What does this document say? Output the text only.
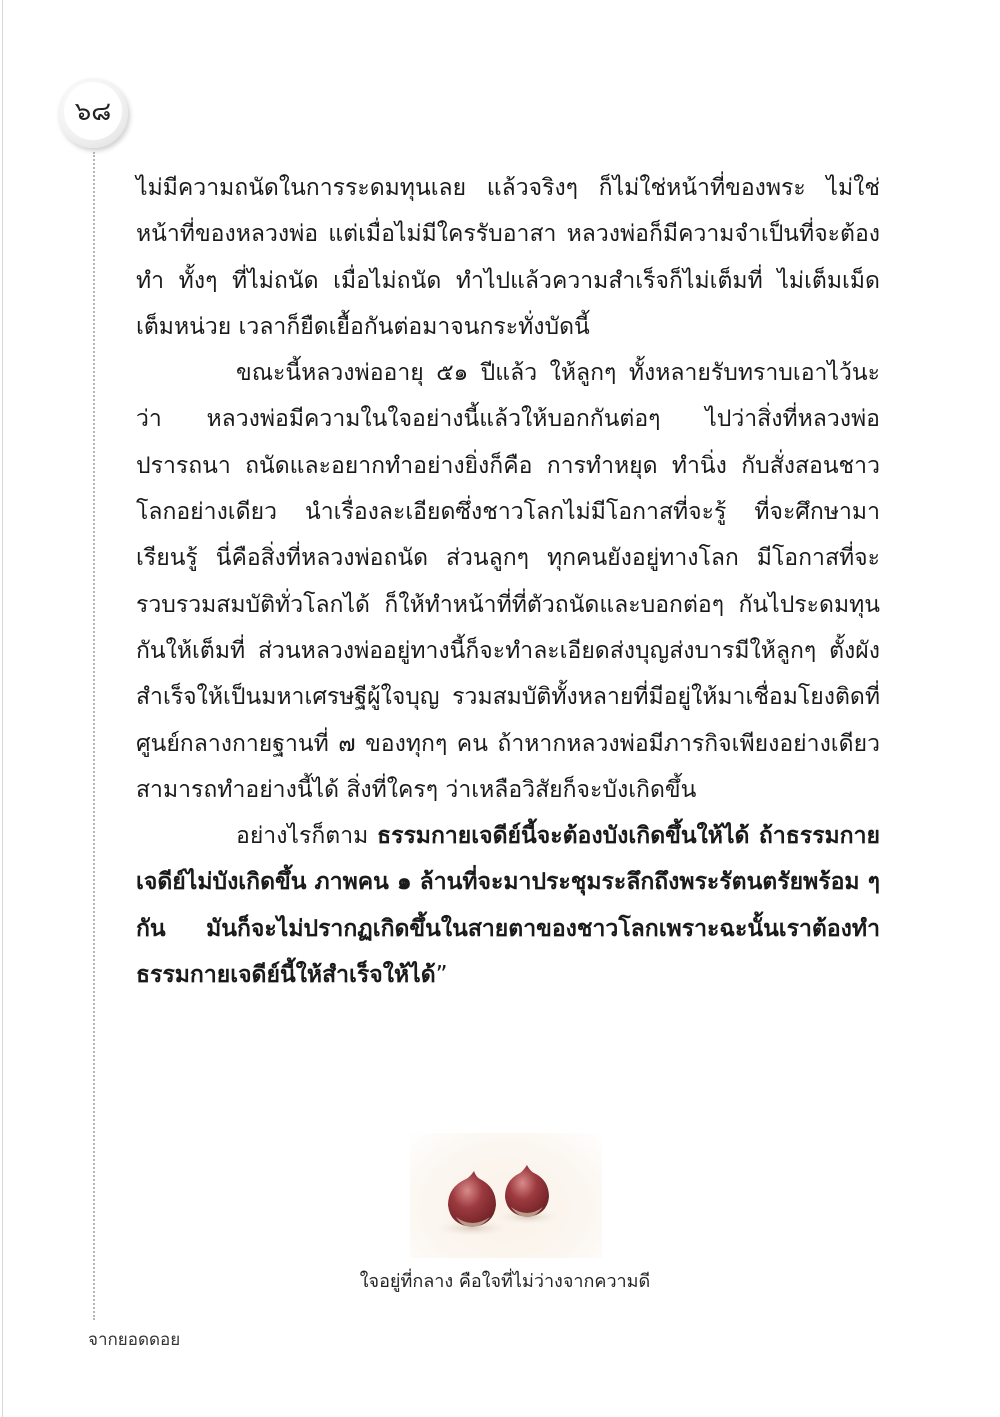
๖๘

ไม่มีความถนัดในการระดมทุนเลย แล้วจริงๆ ก็ไม่ใช่หน้าที่ของพระ ไม่ใช่หน้าที่ของหลวงพ่อ แต่เมื่อไม่มีใครรับอาสา หลวงพ่อก็มีความจำเป็นที่จะต้องทำ ทั้งๆ ที่ไม่ถนัด เมื่อไม่ถนัด ทำไปแล้วความสำเร็จก็ไม่เต็มที่ ไม่เต็มเม็ดเต็มหน่วย เวลาก็ยืดเยื้อกันต่อมาจนกระทั่งบัดนี้

ขณะนี้หลวงพ่ออายุ ๕๑ ปีแล้ว ให้ลูกๆ ทั้งหลายรับทราบเอาไว้นะว่า หลวงพ่อมีความในใจอย่างนี้แล้วให้บอกกันต่อๆ ไปว่าสิ่งที่หลวงพ่อปรารถนา ถนัดและอยากทำอย่างยิ่งก็คือ การทำหยุด ทำนิ่ง กับสั่งสอนชาวโลกอย่างเดียว นำเรื่องละเอียดซึ่งชาวโลกไม่มีโอกาสที่จะรู้ ที่จะศึกษามาเรียนรู้ นี่คือสิ่งที่หลวงพ่อถนัด ส่วนลูกๆ ทุกคนยังอยู่ทางโลก มีโอกาสที่จะรวบรวมสมบัติทั่วโลกได้ ก็ให้ทำหน้าที่ที่ตัวถนัดและบอกต่อๆ กันไประดมทุนกันให้เต็มที่ ส่วนหลวงพ่ออยู่ทางนี้ก็จะทำละเอียดส่งบุญส่งบารมีให้ลูกๆ ตั้งผังสำเร็จให้เป็นมหาเศรษฐีผู้ใจบุญ รวมสมบัติทั้งหลายที่มีอยู่ให้มาเชื่อมโยงติดที่ศูนย์กลางกายฐานที่ ๗ ของทุกๆ คน ถ้าหากหลวงพ่อมีภารกิจเพียงอย่างเดียวสามารถทำอย่างนี้ได้ สิ่งที่ใครๆ ว่าเหลือวิสัยก็จะบังเกิดขึ้น

อย่างไรก็ตาม ธรรมกายเจดีย์นี้จะต้องบังเกิดขึ้นให้ได้ ถ้าธรรมกายเจดีย์ไม่บังเกิดขึ้น ภาพคน ๑ ล้านที่จะมาประชุมระลึกถึงพระรัตนตรัยพร้อม ๆ กัน มันก็จะไม่ปรากฏเกิดขึ้นในสายตาของชาวโลกเพราะฉะนั้นเราต้องทำธรรมกายเจดีย์นี้ให้สำเร็จให้ได้”

ใจอยู่ที่กลาง คือใจที่ไม่ว่างจากความดี
จากยอดดอย
